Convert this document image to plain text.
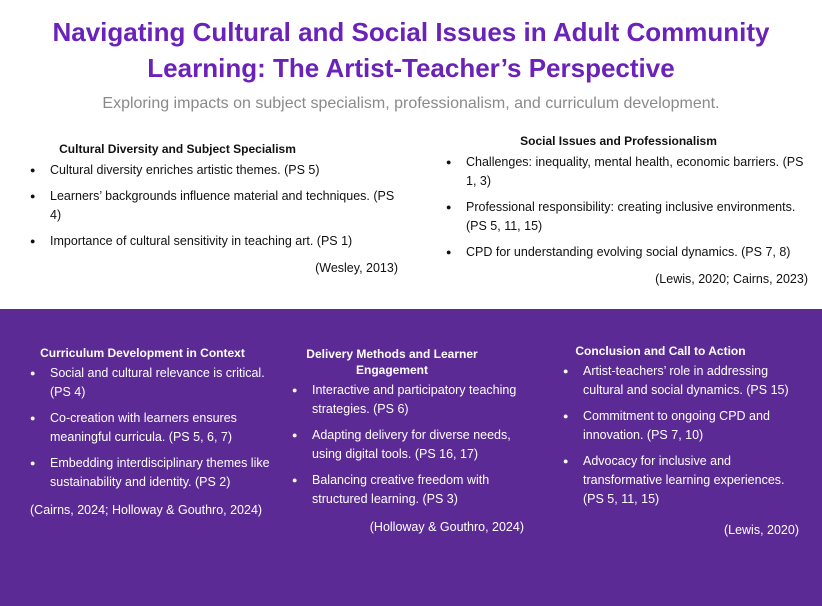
Navigating Cultural and Social Issues in Adult Community
Learning: The Artist-Teacher’s Perspective

Exploring impacts on subject specialism, professionalism, and curriculum development.

Cultural Diversity and Subject Specialism
● Cultural diversity enriches artistic themes. (PS 5)
● Learners’ backgrounds influence material and techniques. (PS 4)
● Importance of cultural sensitivity in teaching art. (PS 1)
(Wesley, 2013)
Social Issues and Professionalism
● Challenges: inequality, mental health, economic barriers. (PS 1, 3)
● Professional responsibility: creating inclusive environments. (PS 5, 11, 15)
● CPD for understanding evolving social dynamics. (PS 7, 8)
(Lewis, 2020; Cairns, 2023)
Curriculum Development in Context
● Social and cultural relevance is critical. (PS 4)
● Co-creation with learners ensures meaningful curricula. (PS 5, 6, 7)
● Embedding interdisciplinary themes like sustainability and identity. (PS 2)
(Cairns, 2024; Holloway & Gouthro, 2024)
Delivery Methods and Learner Engagement
● Interactive and participatory teaching strategies. (PS 6)
● Adapting delivery for diverse needs, using digital tools. (PS 16, 17)
● Balancing creative freedom with structured learning. (PS 3)
(Holloway & Gouthro, 2024)
Conclusion and Call to Action
● Artist-teachers’ role in addressing cultural and social dynamics. (PS 15)
● Commitment to ongoing CPD and innovation. (PS 7, 10)
● Advocacy for inclusive and transformative learning experiences. (PS 5, 11, 15)
(Lewis, 2020)
